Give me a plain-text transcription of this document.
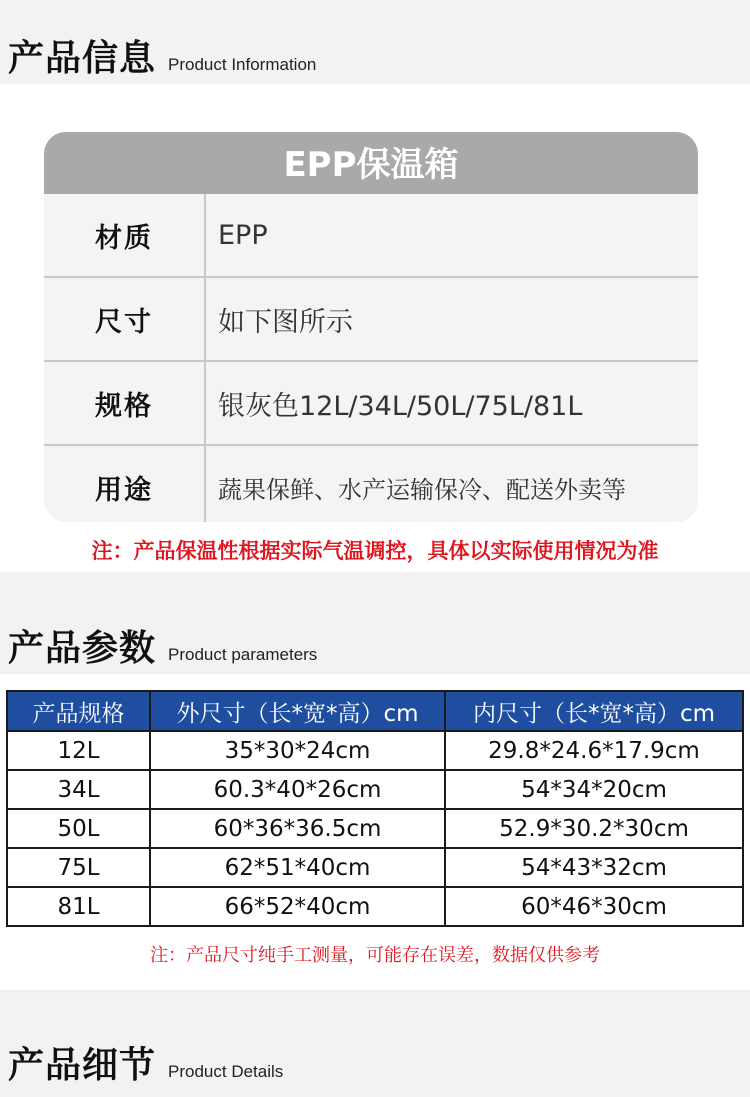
产品信息 Product Information
EPP保温箱
材质	EPP
尺寸	如下图所示
规格	银灰色12L/34L/50L/75L/81L
用途	蔬果保鲜、水产运输保冷、配送外卖等
注：产品保温性根据实际气温调控，具体以实际使用情况为准
产品参数 Product parameters
产品规格	外尺寸（长*宽*高）cm	内尺寸（长*宽*高）cm
12L	35*30*24cm	29.8*24.6*17.9cm
34L	60.3*40*26cm	54*34*20cm
50L	60*36*36.5cm	52.9*30.2*30cm
75L	62*51*40cm	54*43*32cm
81L	66*52*40cm	60*46*30cm
注：产品尺寸纯手工测量，可能存在误差，数据仅供参考
产品细节 Product Details
